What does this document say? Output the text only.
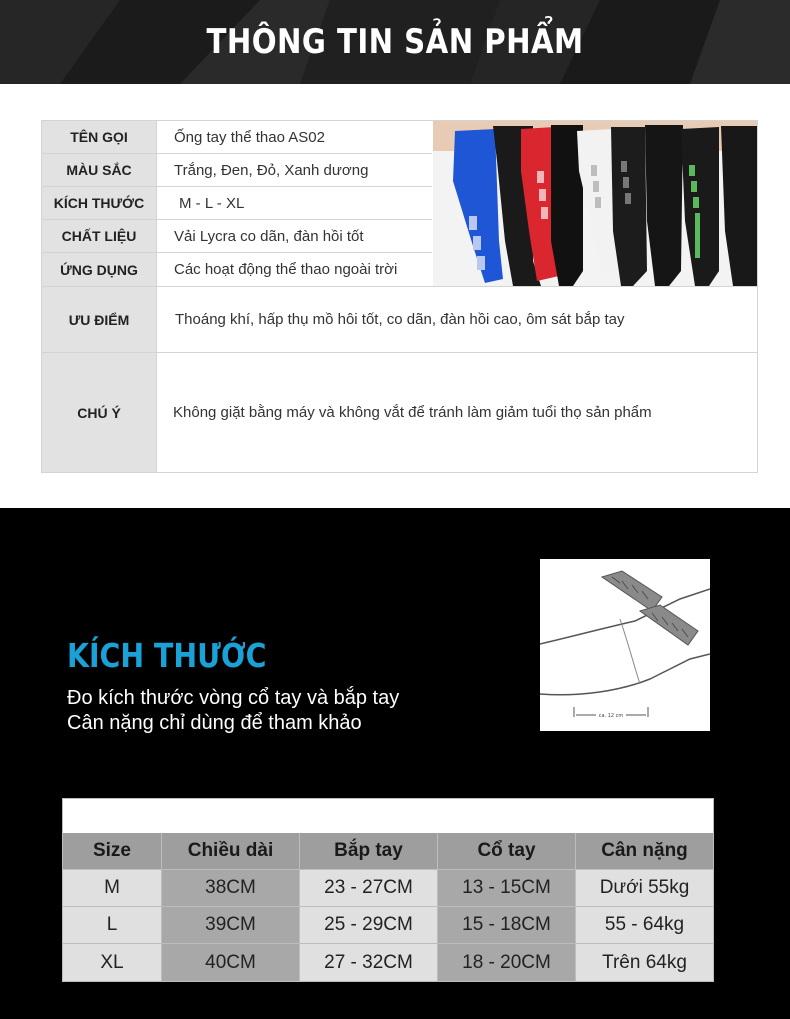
THÔNG TIN SẢN PHẨM
TÊN GỌI	Ống tay thể thao AS02
MÀU SẮC	Trắng, Đen, Đỏ, Xanh dương
KÍCH THƯỚC	M - L - XL
CHẤT LIỆU	Vải Lycra co dãn, đàn hồi tốt
ỨNG DỤNG	Các hoạt động thể thao ngoài trời
ƯU ĐIỂM	Thoáng khí, hấp thụ mồ hôi tốt, co dãn, đàn hồi cao, ôm sát bắp tay
CHÚ Ý	Không giặt bằng máy và không vắt để tránh làm giảm tuổi thọ sản phẩm
ca. 12 cm
KÍCH THƯỚC
Đo kích thước vòng cổ tay và bắp tay
Cân nặng chỉ dùng để tham khảo
Size	Chiều dài	Bắp tay	Cổ tay	Cân nặng
M	38CM	23 - 27CM	13 - 15CM	Dưới 55kg
L	39CM	25 - 29CM	15 - 18CM	55 - 64kg
XL	40CM	27 - 32CM	18 - 20CM	Trên 64kg
